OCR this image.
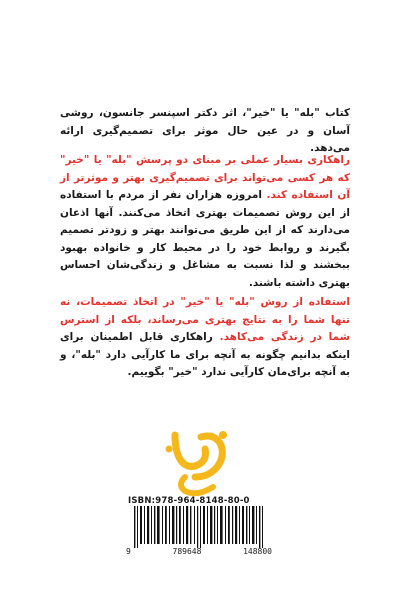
کتاب "بله" یا "خیر"، اثر دکتر اسپنسر جانسون، روشی آسان و در عین حال موثر برای تصمیم‌گیری ارائه می‌دهد.
راهکاری بسیار عملی بر مبنای دو پرسش "بله" یا "خیر" که هر کسی می‌تواند برای تصمیم‌گیری بهتر و موثرتر از آن استفاده کند. امروزه هزاران نفر از مردم با استفاده از این روش تصمیمات بهتری اتخاذ می‌کنند. آنها اذعان می‌دارند که از این طریق می‌توانند بهتر و زودتر تصمیم بگیرند و روابط خود را در محیط کار و خانواده بهبود ببخشند و لذا نسبت به مشاغل و زندگی‌شان احساس بهتری داشته باشند.
استفاده از روش "بله" یا "خیر" در اتخاذ تصمیمات، نه تنها شما را به نتایج بهتری می‌رساند، بلکه از استرس شما در زندگی می‌کاهد. راهکاری قابل اطمینان برای اینکه بدانیم چگونه به آنچه برای ما کارآیی دارد "بله"، و به آنچه برای‌مان کارآیی ندارد "خیر" بگوییم.
ISBN:978-964-8148-80-0
9	789648	148800
